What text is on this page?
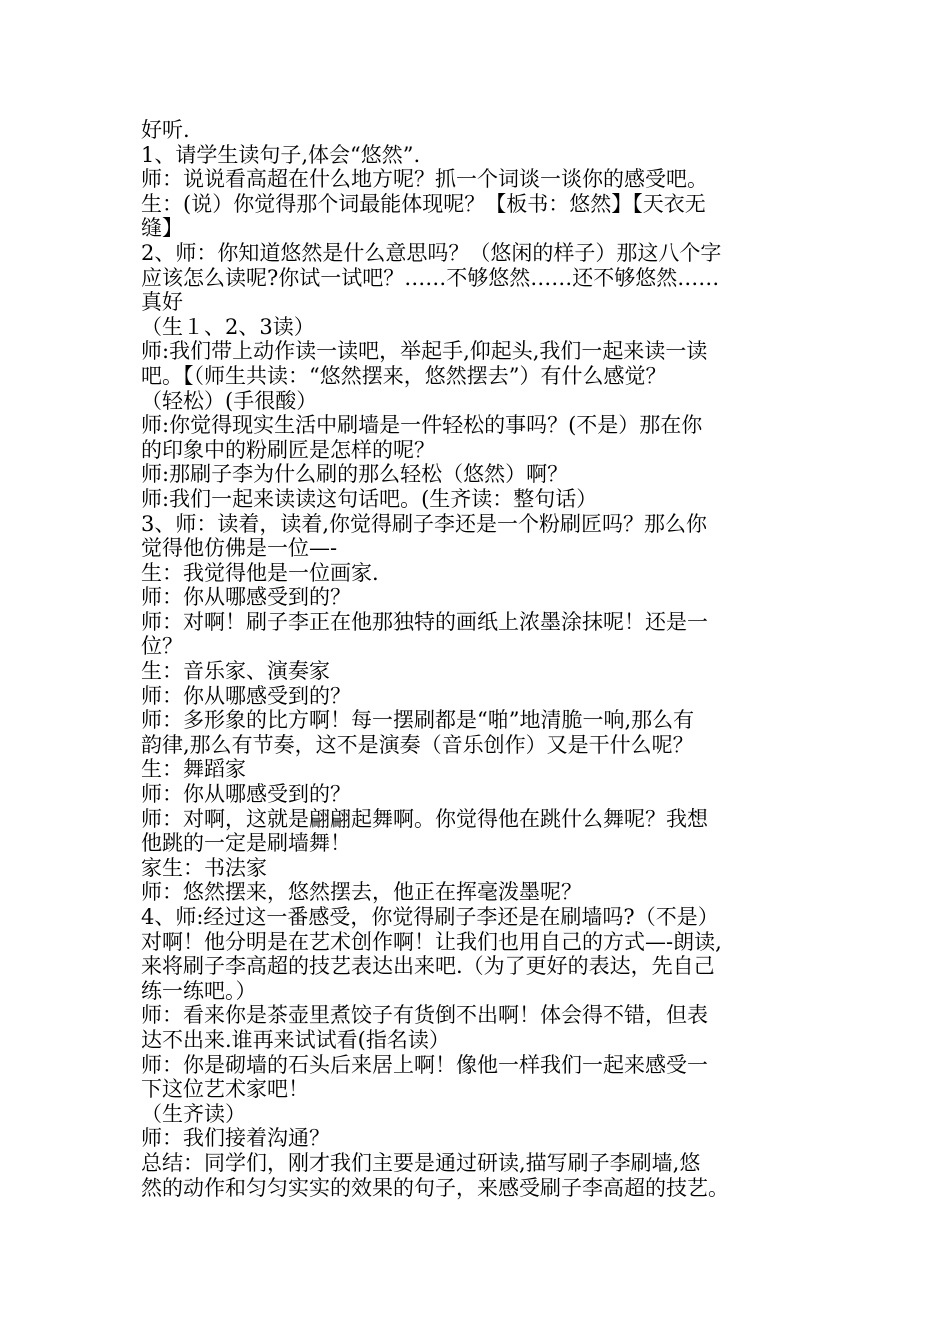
好听.
1、请学生读句子,体会“悠然”.
师：说说看高超在什么地方呢？抓一个词谈一谈你的感受吧。
生：(说）你觉得那个词最能体现呢？【板书：悠然】【天衣无
缝】
2、师：你知道悠然是什么意思吗？（悠闲的样子）那这八个字
应该怎么读呢?你试一试吧？……不够悠然……还不够悠然……
真好
（生１、2、3读）
师:我们带上动作读一读吧，举起手,仰起头,我们一起来读一读
吧。【（师生共读：“悠然摆来，悠然摆去”）有什么感觉？
（轻松）(手很酸）
师:你觉得现实生活中刷墙是一件轻松的事吗？(不是）那在你
的印象中的粉刷匠是怎样的呢？
师:那刷子李为什么刷的那么轻松（悠然）啊？
师:我们一起来读读这句话吧。(生齐读：整句话）
3、师：读着，读着,你觉得刷子李还是一个粉刷匠吗？那么你
觉得他仿佛是一位—-
生：我觉得他是一位画家.
师：你从哪感受到的？
师：对啊！刷子李正在他那独特的画纸上浓墨涂抹呢！还是一
位？
生：音乐家、演奏家
师：你从哪感受到的？
师：多形象的比方啊！每一摆刷都是“啪”地清脆一响,那么有
韵律,那么有节奏，这不是演奏（音乐创作）又是干什么呢？
生：舞蹈家
师：你从哪感受到的？
师：对啊，这就是翩翩起舞啊。你觉得他在跳什么舞呢？我想
他跳的一定是刷墙舞！
家生：书法家
师：悠然摆来，悠然摆去，他正在挥毫泼墨呢？
4、师:经过这一番感受，你觉得刷子李还是在刷墙吗?（不是）
对啊！他分明是在艺术创作啊！让我们也用自己的方式—-朗读,
来将刷子李高超的技艺表达出来吧.（为了更好的表达，先自己
练一练吧。）
师：看来你是茶壶里煮饺子有货倒不出啊！体会得不错，但表
达不出来.谁再来试试看(指名读）
师：你是砌墙的石头后来居上啊！像他一样我们一起来感受一
下这位艺术家吧！
（生齐读）
师：我们接着沟通？
总结：同学们，刚才我们主要是通过研读,描写刷子李刷墙,悠
然的动作和匀匀实实的效果的句子，来感受刷子李高超的技艺。
